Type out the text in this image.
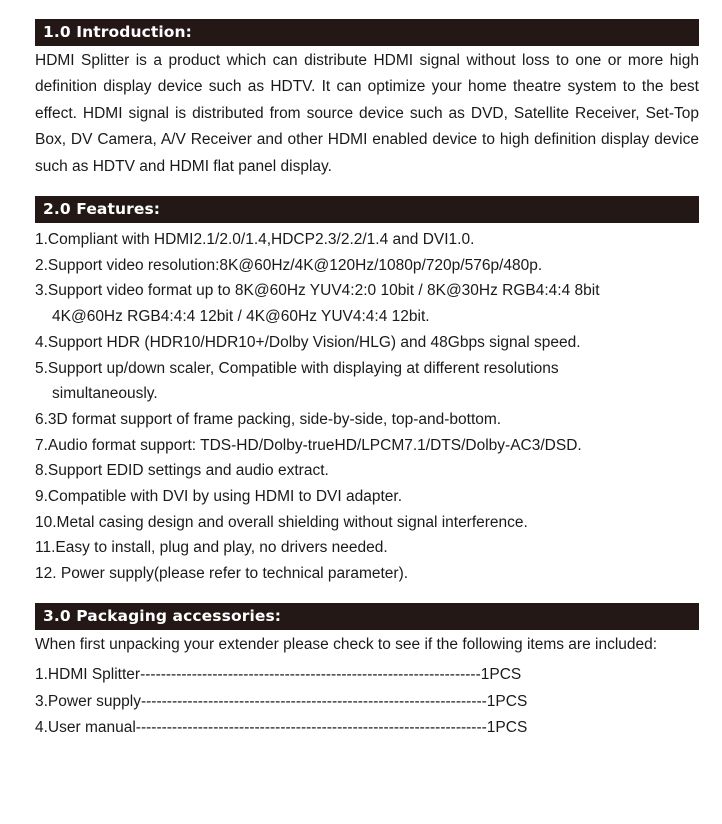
1.0 Introduction:

HDMI Splitter is a product which can distribute HDMI signal without loss to one or more high definition display device such as HDTV. It can optimize your home theatre system to the best effect. HDMI signal is distributed from source device such as DVD, Satellite Receiver, Set-Top Box, DV Camera, A/V Receiver and other HDMI enabled device to high definition display device such as HDTV and HDMI flat panel display.

2.0 Features:
1.Compliant with HDMI2.1/2.0/1.4,HDCP2.3/2.2/1.4 and DVI1.0.
2.Support video resolution:8K@60Hz/4K@120Hz/1080p/720p/576p/480p.
3.Support video format up to 8K@60Hz YUV4:2:0 10bit / 8K@30Hz RGB4:4:4 8bit
4K@60Hz RGB4:4:4 12bit / 4K@60Hz YUV4:4:4 12bit.
4.Support HDR (HDR10/HDR10+/Dolby Vision/HLG) and 48Gbps signal speed.
5.Support up/down scaler, Compatible with displaying at different resolutions
simultaneously.
6.3D format support of frame packing, side-by-side, top-and-bottom.
7.Audio format support: TDS-HD/Dolby-trueHD/LPCM7.1/DTS/Dolby-AC3/DSD.
8.Support EDID settings and audio extract.
9.Compatible with DVI by using HDMI to DVI adapter.
10.Metal casing design and overall shielding without signal interference.
11.Easy to install, plug and play, no drivers needed.
12. Power supply(please refer to technical parameter).
3.0 Packaging accessories:

When first unpacking your extender please check to see if the following items are included:

1.HDMI Splitter------------------------------------------------------------------1PCS
3.Power supply-------------------------------------------------------------------1PCS
4.User manual--------------------------------------------------------------------1PCS
